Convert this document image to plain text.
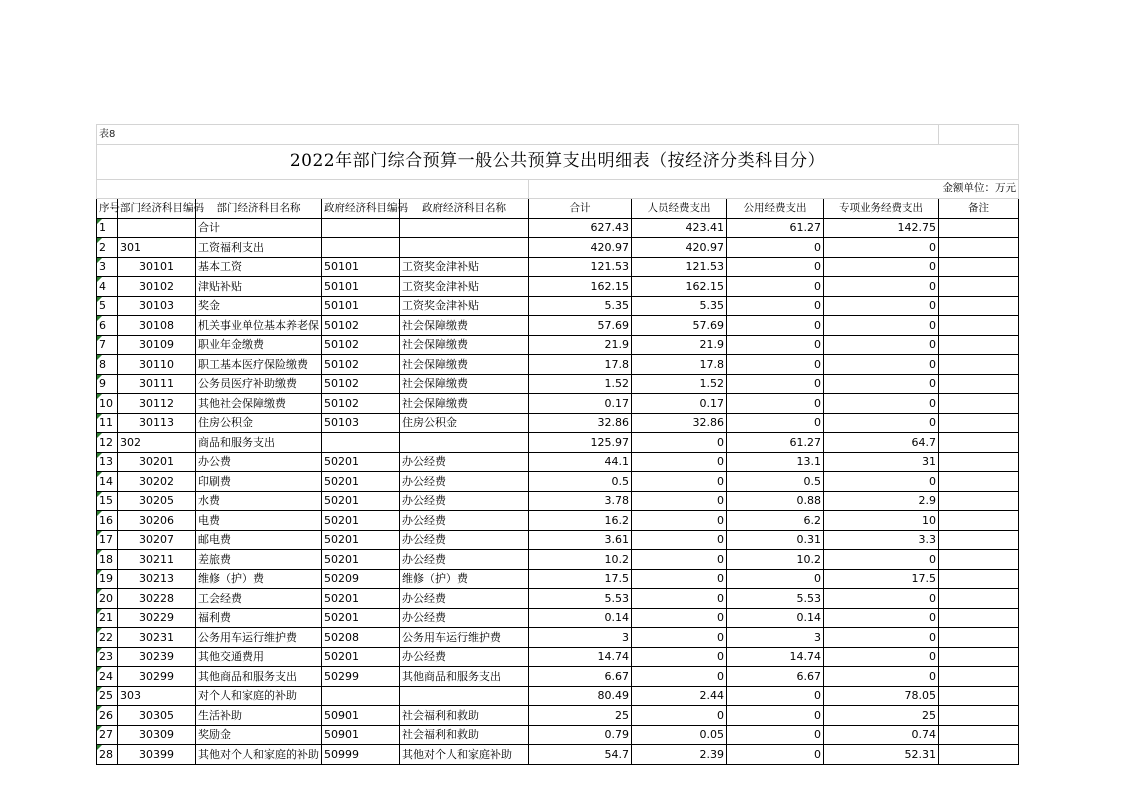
表8									
2022年部门综合预算一般公共预算支出明细表（按经济分类科目分）									
					金额单位：万元				
序号	部门经济科目编码	部门经济科目名称	政府经济科目编码	政府经济科目名称	合计	人员经费支出	公用经费支出	专项业务经费支出	备注
1		合计			627.43	423.41	61.27	142.75	
2	301	工资福利支出			420.97	420.97	0	0	
3	30101	基本工资	50101	工资奖金津补贴	121.53	121.53	0	0	
4	30102	津贴补贴	50101	工资奖金津补贴	162.15	162.15	0	0	
5	30103	奖金	50101	工资奖金津补贴	5.35	5.35	0	0	
6	30108	机关事业单位基本养老保	50102	社会保障缴费	57.69	57.69	0	0	
7	30109	职业年金缴费	50102	社会保障缴费	21.9	21.9	0	0	
8	30110	职工基本医疗保险缴费	50102	社会保障缴费	17.8	17.8	0	0	
9	30111	公务员医疗补助缴费	50102	社会保障缴费	1.52	1.52	0	0	
10	30112	其他社会保障缴费	50102	社会保障缴费	0.17	0.17	0	0	
11	30113	住房公积金	50103	住房公积金	32.86	32.86	0	0	
12	302	商品和服务支出			125.97	0	61.27	64.7	
13	30201	办公费	50201	办公经费	44.1	0	13.1	31	
14	30202	印刷费	50201	办公经费	0.5	0	0.5	0	
15	30205	水费	50201	办公经费	3.78	0	0.88	2.9	
16	30206	电费	50201	办公经费	16.2	0	6.2	10	
17	30207	邮电费	50201	办公经费	3.61	0	0.31	3.3	
18	30211	差旅费	50201	办公经费	10.2	0	10.2	0	
19	30213	维修（护）费	50209	维修（护）费	17.5	0	0	17.5	
20	30228	工会经费	50201	办公经费	5.53	0	5.53	0	
21	30229	福利费	50201	办公经费	0.14	0	0.14	0	
22	30231	公务用车运行维护费	50208	公务用车运行维护费	3	0	3	0	
23	30239	其他交通费用	50201	办公经费	14.74	0	14.74	0	
24	30299	其他商品和服务支出	50299	其他商品和服务支出	6.67	0	6.67	0	
25	303	对个人和家庭的补助			80.49	2.44	0	78.05	
26	30305	生活补助	50901	社会福利和救助	25	0	0	25	
27	30309	奖励金	50901	社会福利和救助	0.79	0.05	0	0.74	
28	30399	其他对个人和家庭的补助	50999	其他对个人和家庭补助	54.7	2.39	0	52.31	
